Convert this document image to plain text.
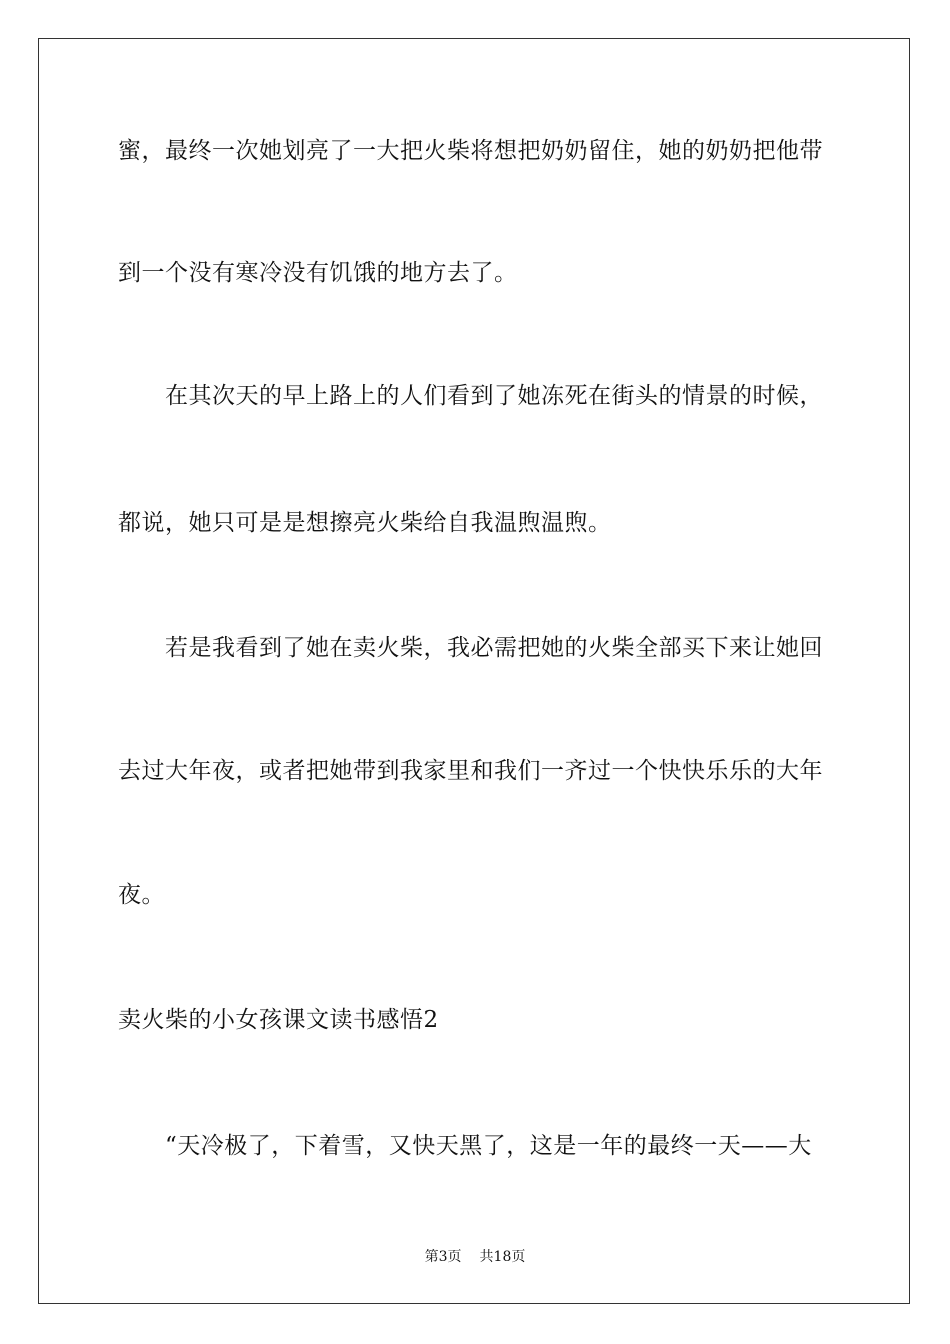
蜜，最终一次她划亮了一大把火柴将想把奶奶留住，她的奶奶把他带
到一个没有寒冷没有饥饿的地方去了。
　　在其次天的早上路上的人们看到了她冻死在街头的情景的时候，
都说，她只可是是想擦亮火柴给自我温煦温煦。
　　若是我看到了她在卖火柴，我必需把她的火柴全部买下来让她回
去过大年夜，或者把她带到我家里和我们一齐过一个快快乐乐的大年
夜。
卖火柴的小女孩课文读书感悟2
　　“天冷极了，下着雪，又快天黑了，这是一年的最终一天——大
第3页 共18页
